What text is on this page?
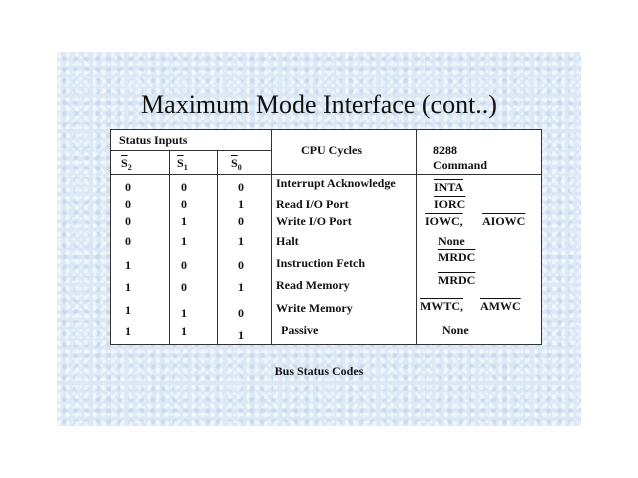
Maximum Mode Interface (cont..)
Status Inputs
$\overline{S}_2$	$\overline{S}_1$	$\overline{S}_0$
CPU Cycles	8288
Command
0	0	0	Interrupt Acknowledge	INTA
0	0	1	Read I/O Port	IORC
0	1	0	Write I/O Port	IOWC, AIOWC
0	1	1	Halt	None
1	0	0	Instruction Fetch	MRDC
1	0	1	Read Memory	MRDC
1	1	0	Write Memory	MWTC, AMWC
1	1	1	Passive	None
Bus Status Codes
